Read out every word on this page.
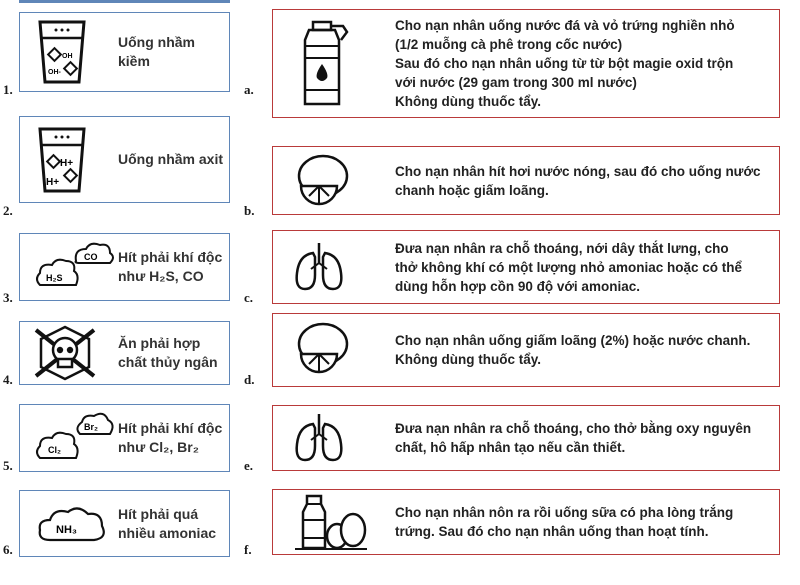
OH
OH-
Uống nhầm kiềm
1.
H+
H+
Uống nhầm axit
2.
CO
H₂S
Hít phải khí độc như H₂S, CO
3.
Ăn phải hợp chất thủy ngân
4.
Br₂
Cl₂
Hít phải khí độc như Cl₂, Br₂
5.
NH₃
Hít phải quá nhiều amoniac
6.
Cho nạn nhân uống nước đá và vỏ trứng nghiền nhỏ
(1/2 muỗng cà phê trong cốc nước)
Sau đó cho nạn nhân uống từ từ bột magie oxid trộn
với nước (29 gam trong 300 ml nước)
Không dùng thuốc tẩy.
a.
Cho nạn nhân hít hơi nước nóng, sau đó cho uống nước
chanh hoặc giấm loãng.
b.
Đưa nạn nhân ra chỗ thoáng, nới dây thắt lưng, cho
thở không khí có một lượng nhỏ amoniac hoặc có thể
dùng hỗn hợp cồn 90 độ với amoniac.
c.
Cho nạn nhân uống giấm loãng (2%) hoặc nước chanh.
Không dùng thuốc tẩy.
d.
Đưa nạn nhân ra chỗ thoáng, cho thở bằng oxy nguyên
chất, hô hấp nhân tạo nếu cần thiết.
e.
Cho nạn nhân nôn ra rồi uống sữa có pha lòng trắng
trứng. Sau đó cho nạn nhân uống than hoạt tính.
f.
